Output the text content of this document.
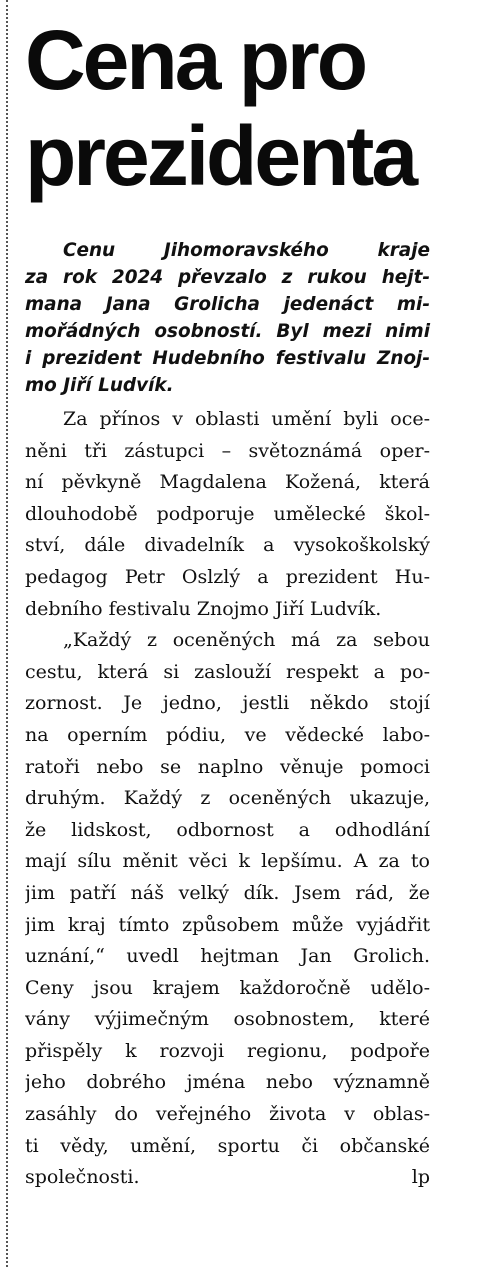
Cena pro
prezidenta

Cenu Jihomoravského kraje
za rok 2024 převzalo z rukou hejt-
mana Jana Grolicha jedenáct mi-
mořádných osobností. Byl mezi nimi
i prezident Hudebního festivalu Znoj-
mo Jiří Ludvík.

Za přínos v oblasti umění byli oce-
něni tři zástupci – světoznámá oper-
ní pěvkyně Magdalena Kožená, která
dlouhodobě podporuje umělecké škol-
ství, dále divadelník a vysokoškolský
pedagog Petr Oslzlý a prezident Hu-
debního festivalu Znojmo Jiří Ludvík.
„Každý z oceněných má za sebou
cestu, která si zaslouží respekt a po-
zornost. Je jedno, jestli někdo stojí
na operním pódiu, ve vědecké labo-
ratoři nebo se naplno věnuje pomoci
druhým. Každý z oceněných ukazuje,
že lidskost, odbornost a odhodlání
mají sílu měnit věci k lepšímu. A za to
jim patří náš velký dík. Jsem rád, že
jim kraj tímto způsobem může vyjádřit
uznání,“ uvedl hejtman Jan Grolich.
Ceny jsou krajem každoročně udělo-
vány výjimečným osobnostem, které
přispěly k rozvoji regionu, podpoře
jeho dobrého jména nebo významně
zasáhly do veřejného života v oblas-
ti vědy, umění, sportu či občanské
společnosti.	lp
